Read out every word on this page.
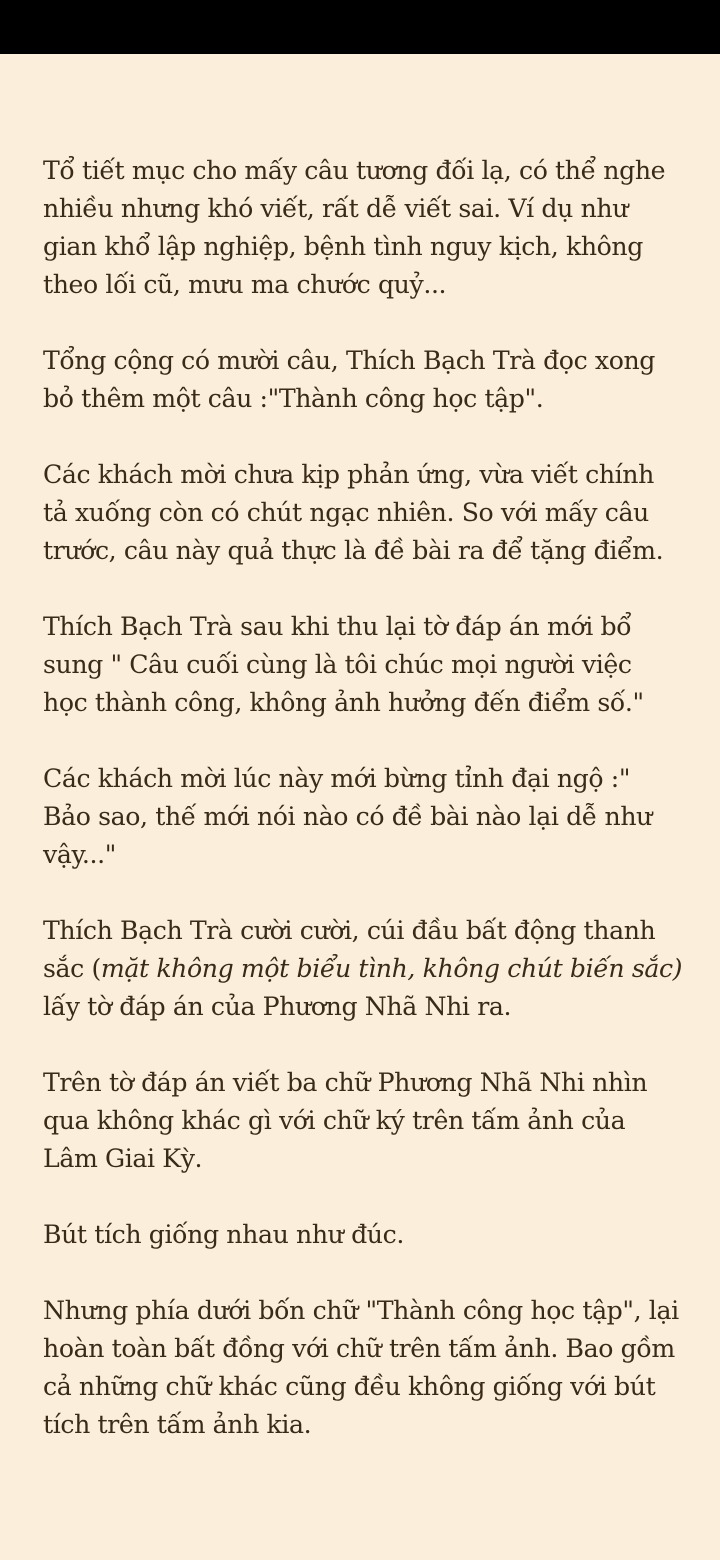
Tổ tiết mục cho mấy câu tương đối lạ, có thể nghe nhiều nhưng khó viết, rất dễ viết sai. Ví dụ như gian khổ lập nghiệp, bệnh tình nguy kịch, không theo lối cũ, mưu ma chước quỷ...

Tổng cộng có mười câu, Thích Bạch Trà đọc xong bỏ thêm một câu :"Thành công học tập".

Các khách mời chưa kịp phản ứng, vừa viết chính tả xuống còn có chút ngạc nhiên. So với mấy câu trước, câu này quả thực là đề bài ra để tặng điểm.

Thích Bạch Trà sau khi thu lại tờ đáp án mới bổ sung " Câu cuối cùng là tôi chúc mọi người việc học thành công, không ảnh hưởng đến điểm số."

Các khách mời lúc này mới bừng tỉnh đại ngộ :" Bảo sao, thế mới nói nào có đề bài nào lại dễ như vậy..."

Thích Bạch Trà cười cười, cúi đầu bất động thanh sắc (mặt không một biểu tình, không chút biến sắc) lấy tờ đáp án của Phương Nhã Nhi ra.

Trên tờ đáp án viết ba chữ Phương Nhã Nhi nhìn qua không khác gì với chữ ký trên tấm ảnh của Lâm Giai Kỳ.

Bút tích giống nhau như đúc.

Nhưng phía dưới bốn chữ "Thành công học tập", lại hoàn toàn bất đồng với chữ trên tấm ảnh. Bao gồm cả những chữ khác cũng đều không giống với bút tích trên tấm ảnh kia.
